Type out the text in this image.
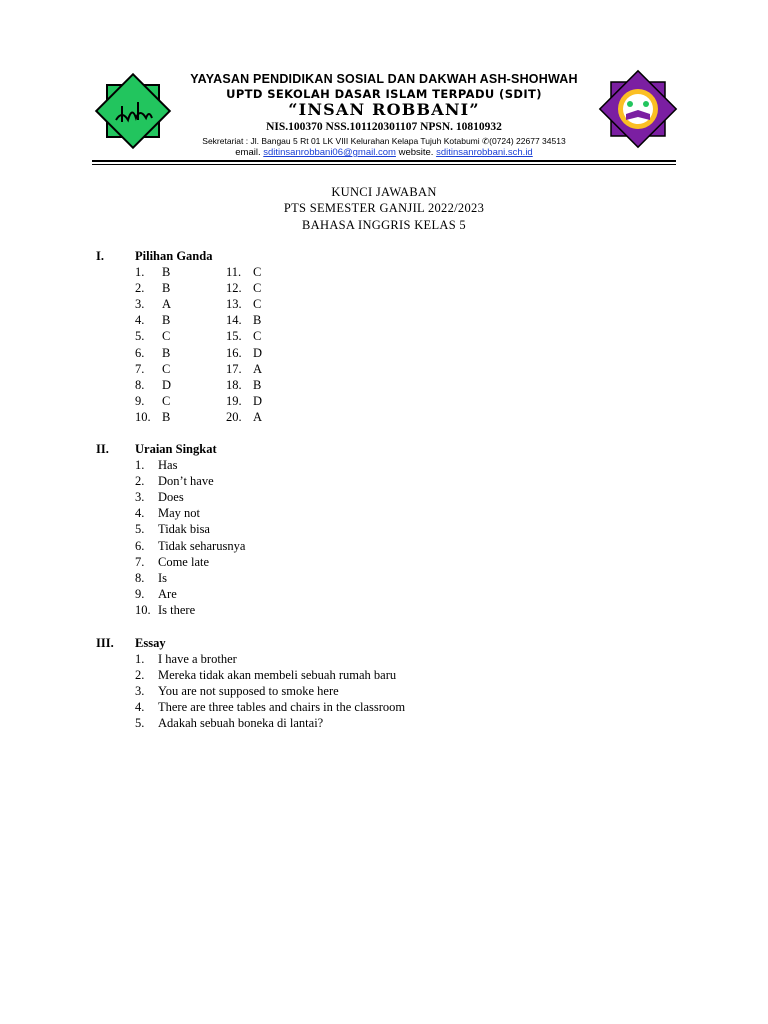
YAYASAN PENDIDIKAN SOSIAL DAN DAKWAH ASH-SHOHWAH
UPTD SEKOLAH DASAR ISLAM TERPADU (SDIT)
“INSAN ROBBANI”
NIS.100370 NSS.101120301107 NPSN. 10810932
Sekretariat : Jl. Bangau 5 Rt 01 LK VIII Kelurahan Kelapa Tujuh Kotabumi ✆(0724) 22677 34513
email. sditinsanrobbani06@gmail.com website. sditinsanrobbani.sch.id
KUNCI JAWABAN
PTS SEMESTER GANJIL 2022/2023
BAHASA INGGRIS KELAS 5
I. Pilihan Ganda
1. B
2. B
3. A
4. B
5. C
6. B
7. C
8. D
9. C
10. B
11. C
12. C
13. C
14. B
15. C
16. D
17. A
18. B
19. D
20. A
II. Uraian Singkat
1. Has
2. Don’t have
3. Does
4. May not
5. Tidak bisa
6. Tidak seharusnya
7. Come late
8. Is
9. Are
10. Is there
III. Essay
1. I have a brother
2. Mereka tidak akan membeli sebuah rumah baru
3. You are not supposed to smoke here
4. There are three tables and chairs in the classroom
5. Adakah sebuah boneka di lantai?
